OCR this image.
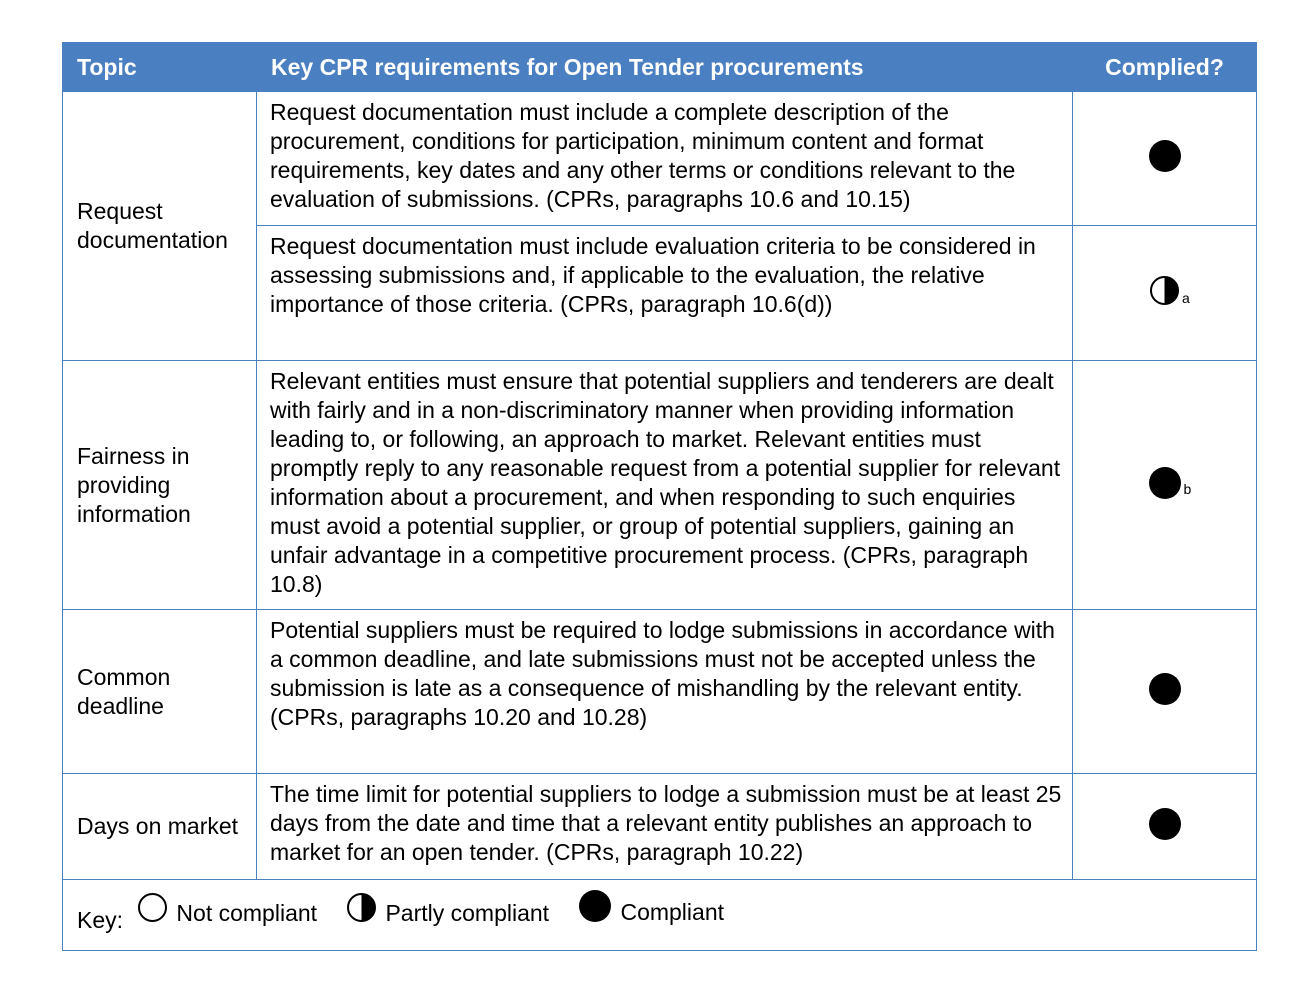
Topic	Key CPR requirements for Open Tender procurements	Complied?
Request documentation	Request documentation must include a complete description of the procurement, conditions for participation, minimum content and format requirements, key dates and any other terms or conditions relevant to the evaluation of submissions. (CPRs, paragraphs 10.6 and 10.15)	

	Request documentation must include evaluation criteria to be considered in assessing submissions and, if applicable to the evaluation, the relative importance of those criteria. (CPRs, paragraph 10.6(d))	a

Fairness in providing information	Relevant entities must ensure that potential suppliers and tenderers are dealt with fairly and in a non-discriminatory manner when providing information leading to, or following, an approach to market. Relevant entities must promptly reply to any reasonable request from a potential supplier for relevant information about a procurement, and when responding to such enquiries must avoid a potential supplier, or group of potential suppliers, gaining an unfair advantage in a competitive procurement process. (CPRs, paragraph 10.8)	b

Common deadline	Potential suppliers must be required to lodge submissions in accordance with a common deadline, and late submissions must not be accepted unless the submission is late as a consequence of mishandling by the relevant entity. (CPRs, paragraphs 10.20 and 10.28)	

Days on market	The time limit for potential suppliers to lodge a submission must be at least 25 days from the date and time that a relevant entity publishes an approach to market for an open tender. (CPRs, paragraph 10.22)	

Key: Not compliant
Partly compliant
Compliant		
